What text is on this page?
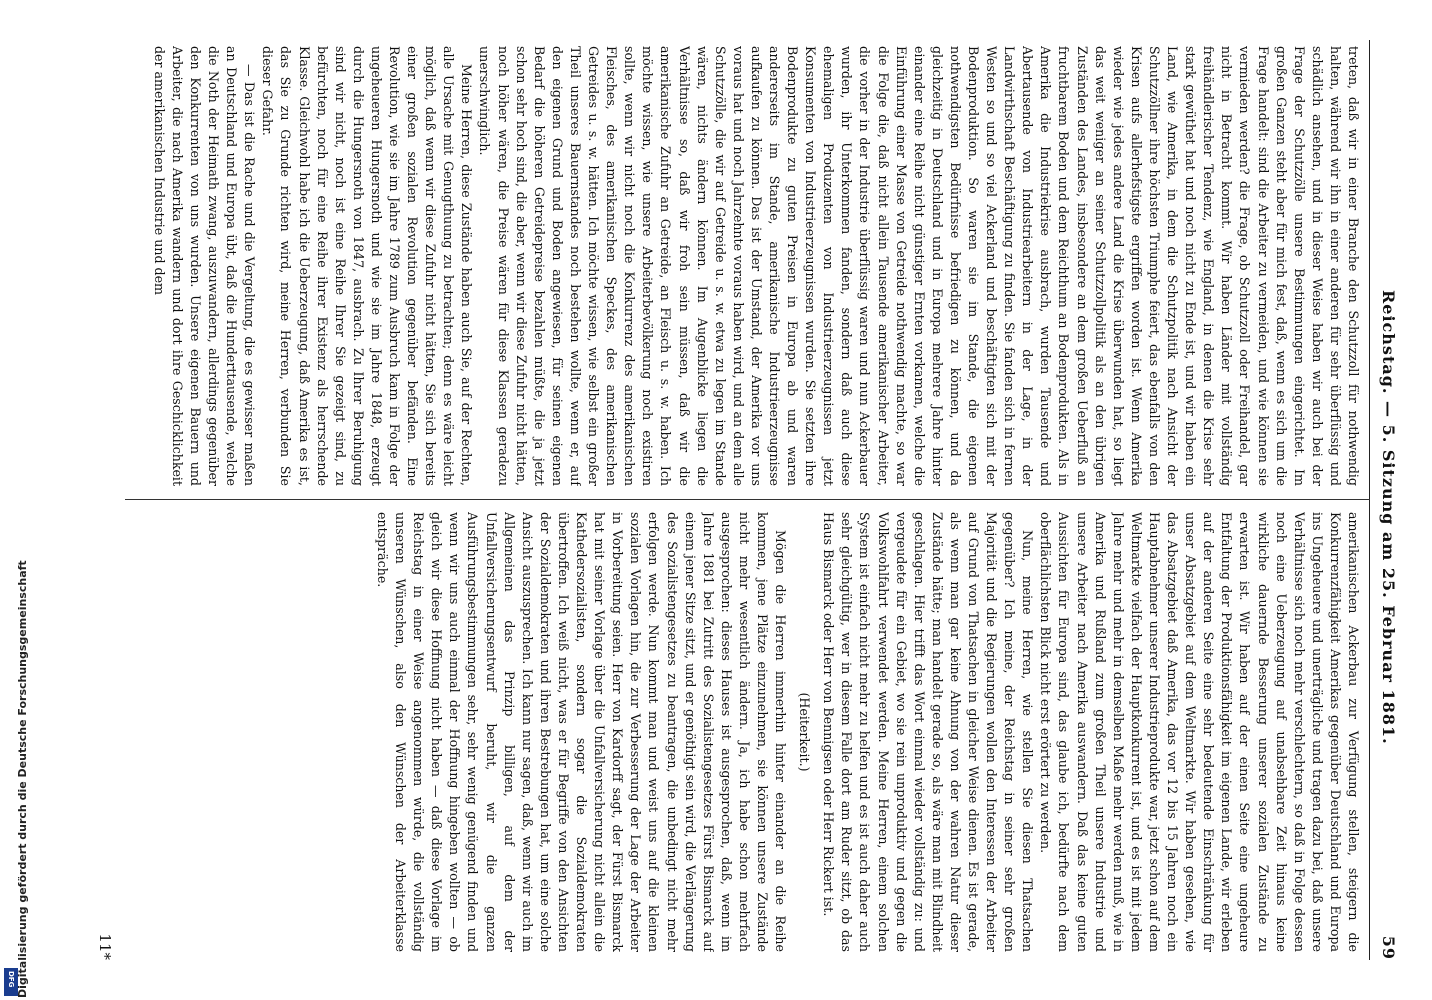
Reichstag. — 5. Sitzung am 25. Februar 1881.
59

amerikanischen Ackerbau zur Verfügung stellen, steigern die Konkurrenzfähigkeit Amerikas gegenüber Deutschland und Europa ins Ungeheuere und unerträgliche und tragen dazu bei, daß unsere Verhältnisse sich noch mehr verschlechtern, so daß in Folge dessen noch eine Ueberzeugung auf unabsehbare Zeit hinaus keine wirkliche dauernde Besserung unserer sozialen Zustände zu erwarten ist. Wir haben auf der einen Seite eine ungeheure Entfaltung der Produktionsfähigkeit im eigenen Lande, wir erleben auf der anderen Seite eine sehr bedeutende Einschränkung für unser Absatzgebiet auf dem Weltmarkte. Wir haben gesehen, wie das Absatzgebiet daß Amerika, das vor 12 bis 15 Jahren noch ein Hauptabnehmer unserer Industrieprodukte war, jetzt schon auf dem Weltmarkte vielfach der Hauptkonkurrent ist, und es ist mit jedem Jahre mehr und mehr in demselben Maße mehr werden muß, wie in Amerika und Rußland zum großen Theil unsere Industrie und unsere Arbeiter nach Amerika auswandern. Daß das keine guten Aussichten für Europa sind, das glaube ich, bedürfte nach dem oberflächlichsten Blick nicht erst erörtert zu werden.

Nun, meine Herren, wie stellen Sie diesen Thatsachen gegenüber? Ich meine, der Reichstag in seiner sehr großen Majorität und die Regierungen wollen den Interessen der Arbeiter auf Grund von Thatsachen in gleicher Weise dienen. Es ist gerade, als wenn man gar keine Ahnung von der wahren Natur dieser Zustände hätte; man handelt gerade so, als wäre man mit Blindheit geschlagen. Hier trifft das Wort einmal wieder vollständig zu: und vergeudete für ein Gebiet, wo sie rein unproduktiv und gegen die Volkswohlfahrt verwendet werden. Meine Herren, einem solchen System ist einfach nicht mehr zu helfen und es ist auch daher auch sehr gleichgültig, wer in diesem Falle dort am Ruder sitzt, ob das Haus Bismarck oder Herr von Bennigsen oder Herr Rickert ist.

(Heiterkeit.)

Mögen die Herren immerhin hinter einander an die Reihe kommen, jene Plätze einzunehmen, sie können unsere Zustände nicht mehr wesentlich ändern. Ja, ich habe schon mehrfach ausgesprochen: dieses Hauses ist ausgesprochen, daß, wenn im Jahre 1881 bei Zutritt des Sozialistengesetzes Fürst Bismarck auf einem jener Sitze sitzt, und er genöthigt sein wird, die Verlängerung des Sozialistengesetzes zu beantragen, die unbedingt nicht mehr erfolgen werde. Nun kommt man und weist uns auf die kleinen sozialen Vorlagen hin, die zur Verbesserung der Lage der Arbeiter in Vorbereitung seien. Herr von Kardorff sagt, der Fürst Bismarck hat mit seiner Vorlage über die Unfallversicherung nicht allein die Kathedersozialisten, sondern sogar die Sozialdemokraten übertroffen. Ich weiß nicht, was er für Begriffe von den Ansichten der Sozialdemokraten und ihren Bestrebungen hat, um eine solche Ansicht auszusprechen. Ich kann nur sagen, daß, wenn wir auch im Allgemeinen das Prinzip billigen, auf dem der Unfallversicherungsentwurf beruht, wir die ganzen Ausführungsbestimmungen sehr, sehr wenig genügend finden und wenn wir uns auch einmal der Hoffnung hingeben wollten — ob gleich wir diese Hoffnung nicht haben — daß diese Vorlage im Reichstag in einer Weise angenommen würde, die vollständig unseren Wünschen, also den Wünschen der Arbeiterklasse entspräche.

treten, daß wir in einer Branche den Schutzzoll für nothwendig halten, während wir ihn in einer anderen für sehr überflüssig und schädlich ansehen, und in dieser Weise haben wir auch bei der Frage der Schutzzölle unsere Bestimmungen eingerichtet. Im großen Ganzen steht aber für mich fest, daß, wenn es sich um die Frage handelt: sind die Arbeiter zu vermeiden, und wie können sie vermieden werden? die Frage, ob Schutzzoll oder Freihandel, gar nicht in Betracht kommt. Wir haben Länder mit vollständig freihändlerischer Tendenz, wie England, in denen die Krise sehr stark gewüthet hat und noch nicht zu Ende ist, und wir haben ein Land, wie Amerika, in dem die Schutzpolitik nach Ansicht der Schutzzöllner ihre höchsten Triumphe feiert, das ebenfalls von den Krisen aufs allerhefstigste ergriffen worden ist. Wenn Amerika wieder wie jedes andere Land die Krise überwunden hat, so liegt das weit weniger an seiner Schutzzollpolitik als an den übrigen Zuständen des Landes, insbesondere an dem großen Ueberfluß an fruchtbarem Boden und dem Reichthum an Bodenprodukten. Als in Amerika die Industriekrise ausbrach, wurden Tausende und Abertausende von Industriearbeitern in der Lage, in der Landwirthschaft Beschäftigung zu finden. Sie fanden sich in fernen Westen so und so viel Ackerland und beschäftigten sich mit der Bodenproduktion. So waren sie im Stande, die eigenen nothwendigsten Bedürfnisse befriedigen zu können, und da gleichzeitig in Deutschland und in Europa mehrere Jahre hinter einander eine Reihe nicht günstiger Ernten vorkamen, welche die Einführung einer Masse von Getreide nothwendig machte, so war die Folge die, daß nicht allein Tausende amerikanischer Arbeiter, die vorher in der Industrie überflüssig waren und nun Ackerbauer wurden, ihr Unterkommen fanden, sondern daß auch diese ehemaligen Produzenten von Industrieerzeugnissen jetzt Konsumenten von Industrieerzeugnissen wurden. Sie setzten ihre Bodenprodukte zu guten Preisen in Europa ab und waren andererseits im Stande, amerikanische Industrieerzeugnisse aufkaufen zu können. Das ist der Umstand, der Amerika vor uns voraus hat und noch Jahrzehnte voraus haben wird, und an dem alle Schutzzölle, die wir auf Getreide u. s. w. etwa zu legen im Stande wären, nichts ändern können. Im Augenblicke liegen die Verhältnisse so, daß wir froh sein müssen, daß wir die amerikanische Zufuhr an Getreide, an Fleisch u. s. w. haben. Ich möchte wissen, wie unsere Arbeiterbevölkerung noch existiren sollte, wenn wir nicht noch die Konkurrenz des amerikanischen Fleisches, des amerikanischen Speckes, des amerikanischen Getreides u. s. w. hätten. Ich möchte wissen, wie selbst ein großer Theil unseres Bauernstandes noch bestehen wollte, wenn er, auf den eigenen Grund und Boden angewiesen, für seinen eigenen Bedarf die höheren Getreidepreise bezahlen müßte, die ja jetzt schon sehr hoch sind, die aber, wenn wir diese Zufuhr nicht hätten, noch höher wären, die Preise wären für diese Klassen geradezu unerschwinglich.

Meine Herren, diese Zustände haben auch Sie, auf der Rechten, alle Ursache mit Genugthuung zu betrachten; denn es wäre leicht möglich, daß wenn wir diese Zufuhr nicht hätten, Sie sich bereits einer großen sozialen Revolution gegenüber befänden. Eine Revolution, wie sie im Jahre 1789 zum Ausbruch kam in Folge der ungeheueren Hungersnoth und wie sie im Jahre 1848, erzeugt durch die Hungersnoth von 1847, ausbrach. Zu Ihrer Beruhigung sind wir nicht, noch ist eine Reihe Ihrer Sie gezeigt sind, zu befürchten, noch für eine Reihe ihrer Existenz als herrschende Klasse. Gleichwohl habe ich die Ueberzeugung, daß Amerika es ist, das Sie zu Grunde richten wird, meine Herren, verbunden Sie dieser Gefahr.

— Das ist die Rache und die Vergeltung, die es gewisser maßen an Deutschland und Europa übt, daß die Hunderttausende, welche die Noth der Heimath zwang, auszuwandern, allerdings gegenüber den Konkurrenten von uns wurden. Unsere eigenen Bauern und Arbeiter, die nach Amerika wandern und dort ihre Geschicklichkeit der amerikanischen Industrie und dem

11*
DFG Digitalisierung gefördert durch die Deutsche Forschungsgemeinschaft
